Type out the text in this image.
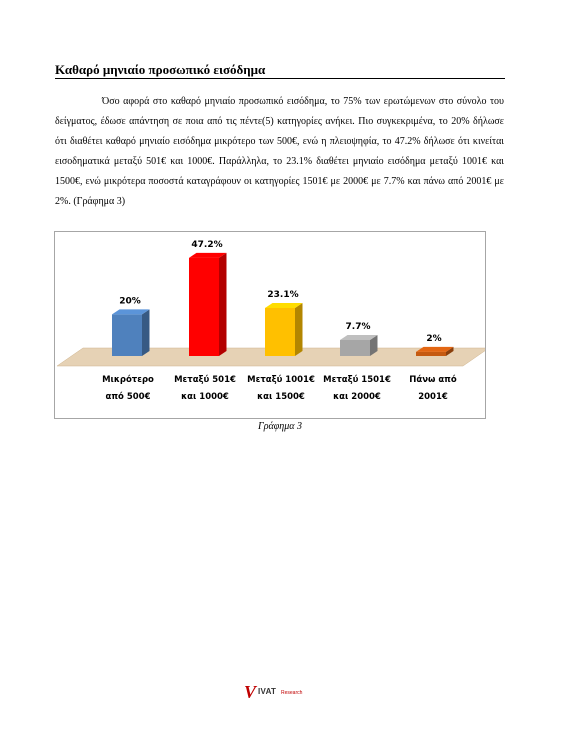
Καθαρό μηνιαίο προσωπικό εισόδημα

Όσο αφορά στο καθαρό μηνιαίο προσωπικό εισόδημα, το 75% των ερωτώμενων στο σύνολο του δείγματος, έδωσε απάντηση σε ποια από τις πέντε(5) κατηγορίες ανήκει. Πιο συγκεκριμένα, το 20% δήλωσε ότι διαθέτει καθαρό μηνιαίο εισόδημα μικρότερο των 500€, ενώ η πλειοψηφία, το 47.2% δήλωσε ότι κινείται εισοδηματικά μεταξύ 501€ και 1000€. Παράλληλα, το 23.1% διαθέτει μηνιαίο εισόδημα μεταξύ 1001€ και 1500€, ενώ μικρότερα ποσοστά καταγράφουν οι κατηγορίες 1501€ με 2000€ με 7.7% και πάνω από 2001€ με 2%. (Γράφημα 3)

20%
47.2%
23.1%
7.7%
2%
Μικρότερο
από 500€
Μεταξύ 501€
και 1000€
Μεταξύ 1001€
και 1500€
Μεταξύ 1501€
και 2000€
Πάνω από
2001€
Γράφημα 3
V IVAT Research
